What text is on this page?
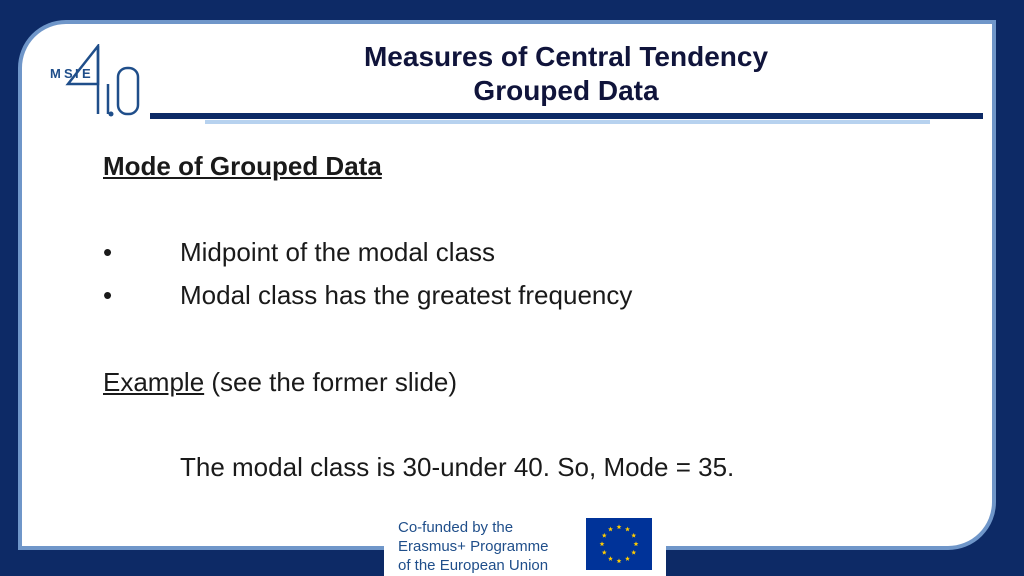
M S I E
Measures of Central Tendency
Grouped Data
Mode of Grouped Data
•	Midpoint of the modal class
•	Modal class has the greatest frequency
Example (see the former slide)
The modal class is 30-under 40. So, Mode = 35.
Co-funded by the
Erasmus+ Programme
of the European Union
